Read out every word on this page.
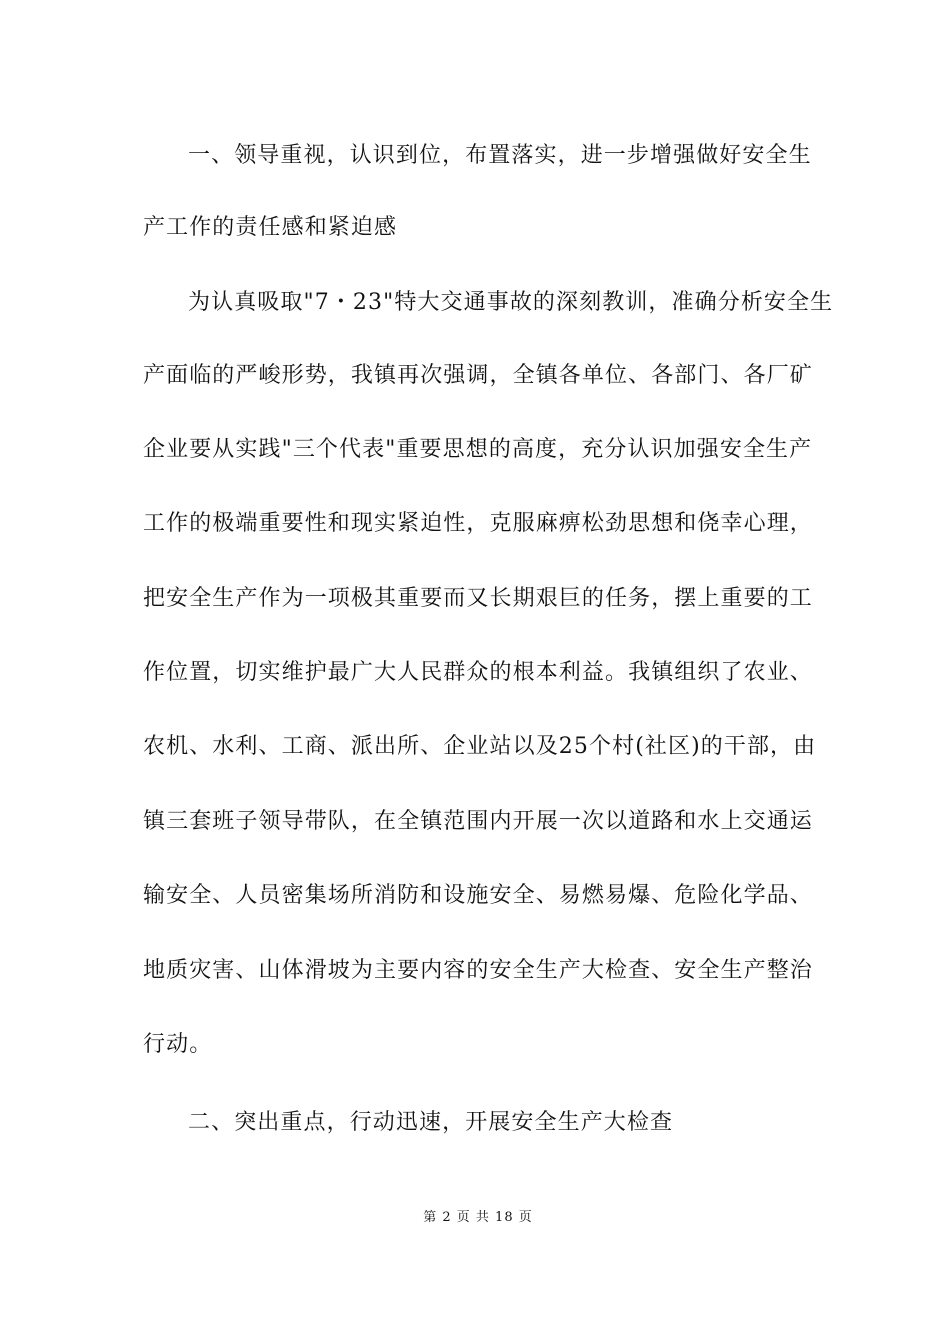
一、领导重视，认识到位，布置落实，进一步增强做好安全生
产工作的责任感和紧迫感
为认真吸取"7・23"特大交通事故的深刻教训，准确分析安全生
产面临的严峻形势，我镇再次强调，全镇各单位、各部门、各厂矿
企业要从实践"三个代表"重要思想的高度，充分认识加强安全生产
工作的极端重要性和现实紧迫性，克服麻痹松劲思想和侥幸心理，
把安全生产作为一项极其重要而又长期艰巨的任务，摆上重要的工
作位置，切实维护最广大人民群众的根本利益。我镇组织了农业、
农机、水利、工商、派出所、企业站以及25个村(社区)的干部，由
镇三套班子领导带队，在全镇范围内开展一次以道路和水上交通运
输安全、人员密集场所消防和设施安全、易燃易爆、危险化学品、
地质灾害、山体滑坡为主要内容的安全生产大检查、安全生产整治
行动。
二、突出重点，行动迅速，开展安全生产大检查
第 2 页 共 18 页
